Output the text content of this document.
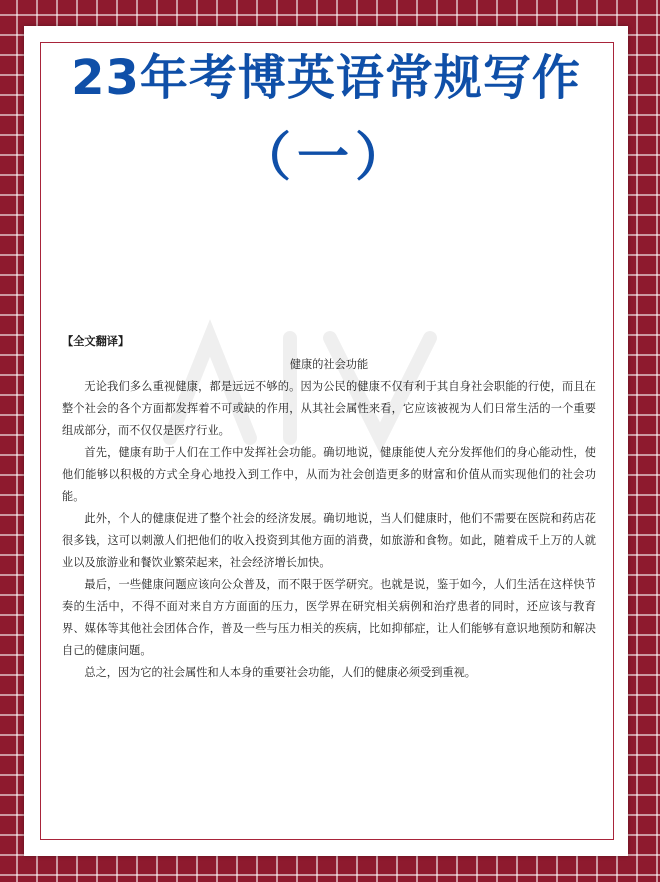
23年考博英语常规写作
（一）

【全文翻译】

健康的社会功能

无论我们多么重视健康，都是远远不够的。因为公民的健康不仅有利于其自身社会职能的行使，而且在整个社会的各个方面都发挥着不可或缺的作用，从其社会属性来看，它应该被视为人们日常生活的一个重要组成部分，而不仅仅是医疗行业。

首先，健康有助于人们在工作中发挥社会功能。确切地说，健康能使人充分发挥他们的身心能动性，使他们能够以积极的方式全身心地投入到工作中，从而为社会创造更多的财富和价值从而实现他们的社会功能。

此外，个人的健康促进了整个社会的经济发展。确切地说，当人们健康时，他们不需要在医院和药店花很多钱，这可以刺激人们把他们的收入投资到其他方面的消费，如旅游和食物。如此，随着成千上万的人就业以及旅游业和餐饮业繁荣起来，社会经济增长加快。

最后，一些健康问题应该向公众普及，而不限于医学研究。也就是说，鉴于如今，人们生活在这样快节奏的生活中，不得不面对来自方方面面的压力，医学界在研究相关病例和治疗患者的同时，还应该与教育界、媒体等其他社会团体合作，普及一些与压力相关的疾病，比如抑郁症，让人们能够有意识地预防和解决自己的健康问题。

总之，因为它的社会属性和人本身的重要社会功能，人们的健康必须受到重视。
